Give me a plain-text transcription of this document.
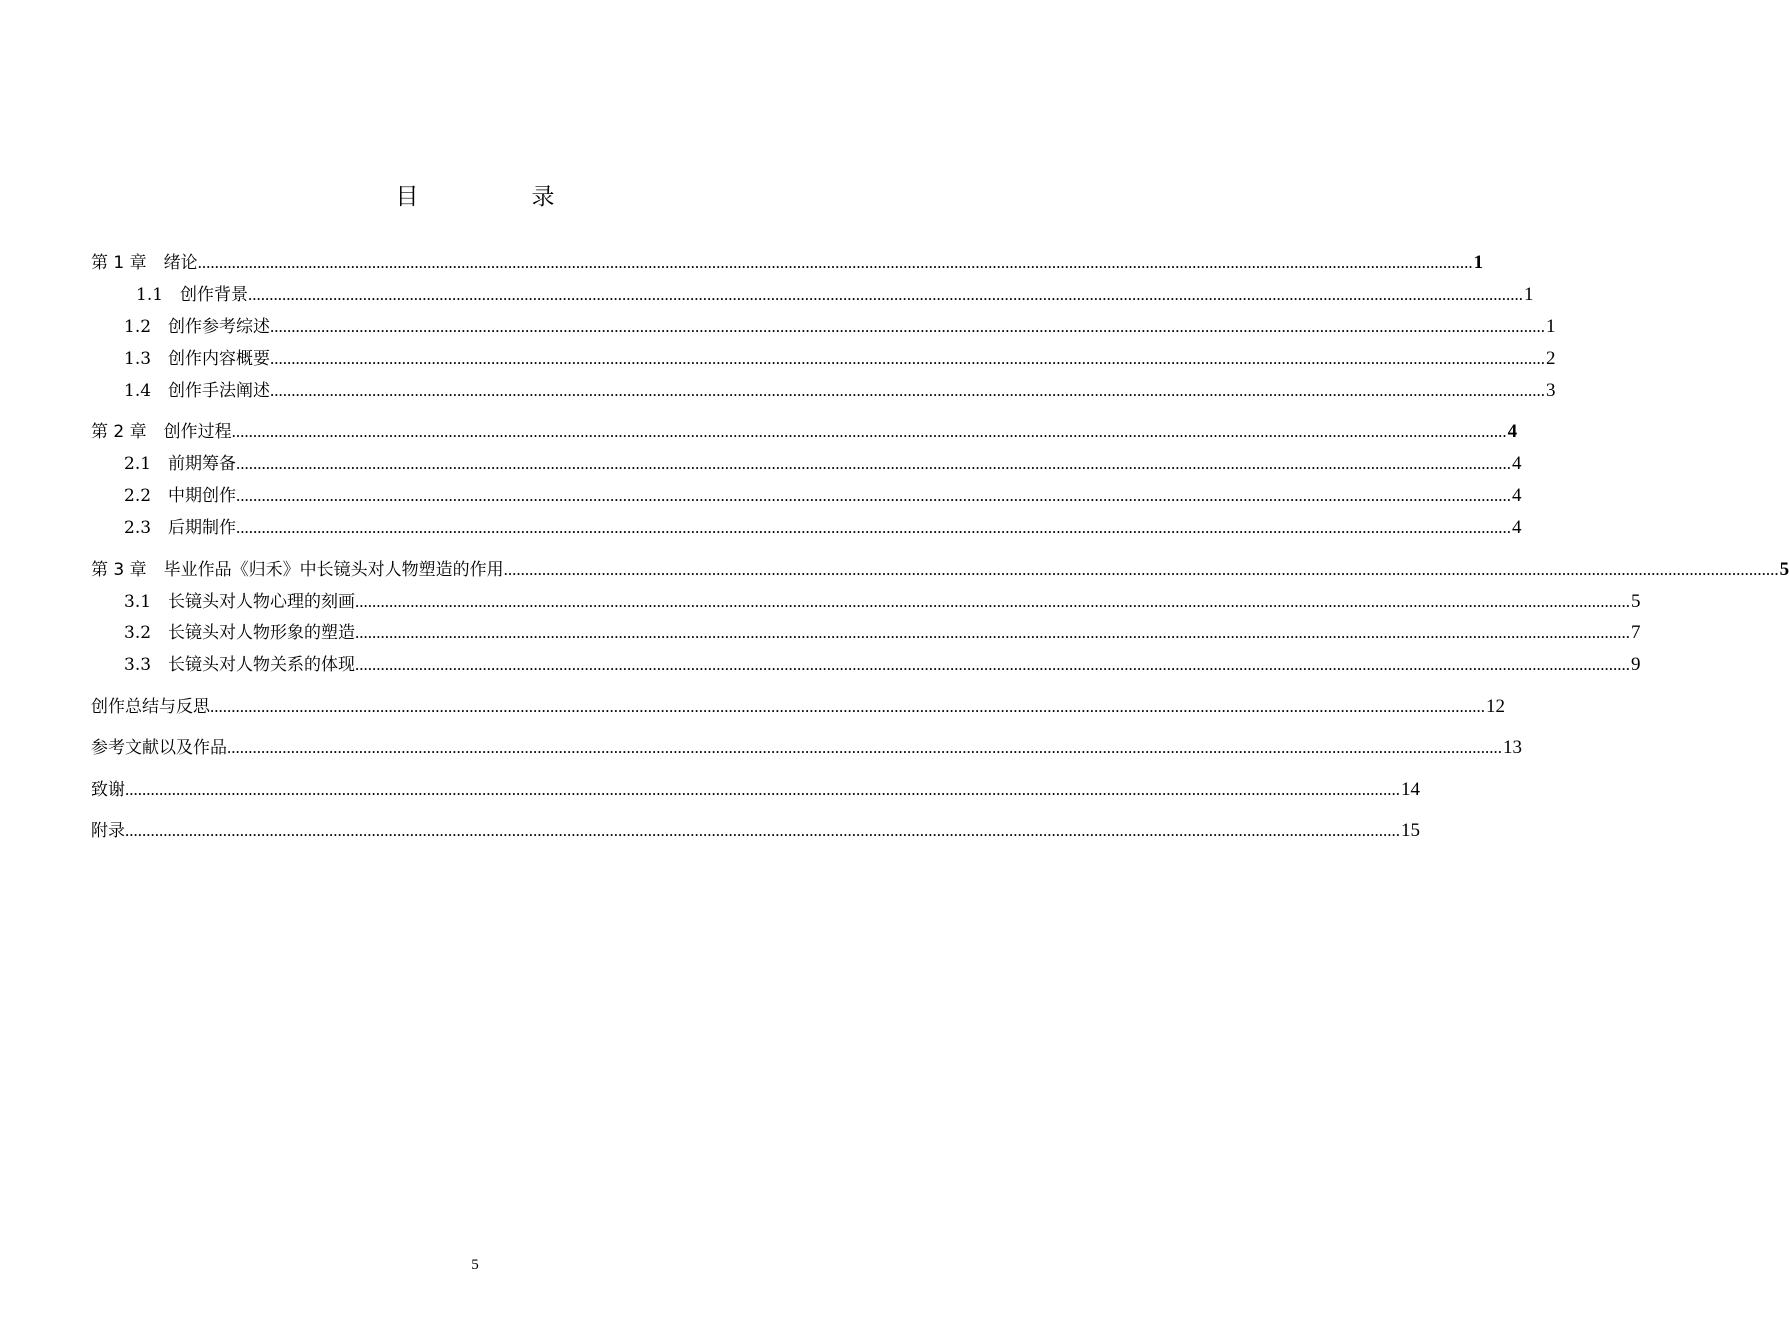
目　录
第 1 章　绪论 ............................................................................................................................................................................................................................................................................................................ 1
1.1　创作背景 ............................................................................................................................................................................................................................................................................................................ 1
1.2　创作参考综述 ............................................................................................................................................................................................................................................................................................................ 1
1.3　创作内容概要 ............................................................................................................................................................................................................................................................................................................ 2
1.4　创作手法阐述 ............................................................................................................................................................................................................................................................................................................ 3
第 2 章　创作过程 ............................................................................................................................................................................................................................................................................................................ 4
2.1　前期筹备 ............................................................................................................................................................................................................................................................................................................ 4
2.2　中期创作 ............................................................................................................................................................................................................................................................................................................ 4
2.3　后期制作 ............................................................................................................................................................................................................................................................................................................ 4
第 3 章　毕业作品《归禾》中长镜头对人物塑造的作用 ............................................................................................................................................................................................................................................................................................................ 5
3.1　长镜头对人物心理的刻画 ............................................................................................................................................................................................................................................................................................................ 5
3.2　长镜头对人物形象的塑造 ............................................................................................................................................................................................................................................................................................................ 7
3.3　长镜头对人物关系的体现 ............................................................................................................................................................................................................................................................................................................ 9
创作总结与反思 ............................................................................................................................................................................................................................................................................................................ 12
参考文献以及作品 ............................................................................................................................................................................................................................................................................................................ 13
致谢 ............................................................................................................................................................................................................................................................................................................ 14
附录 ............................................................................................................................................................................................................................................................................................................ 15
5
